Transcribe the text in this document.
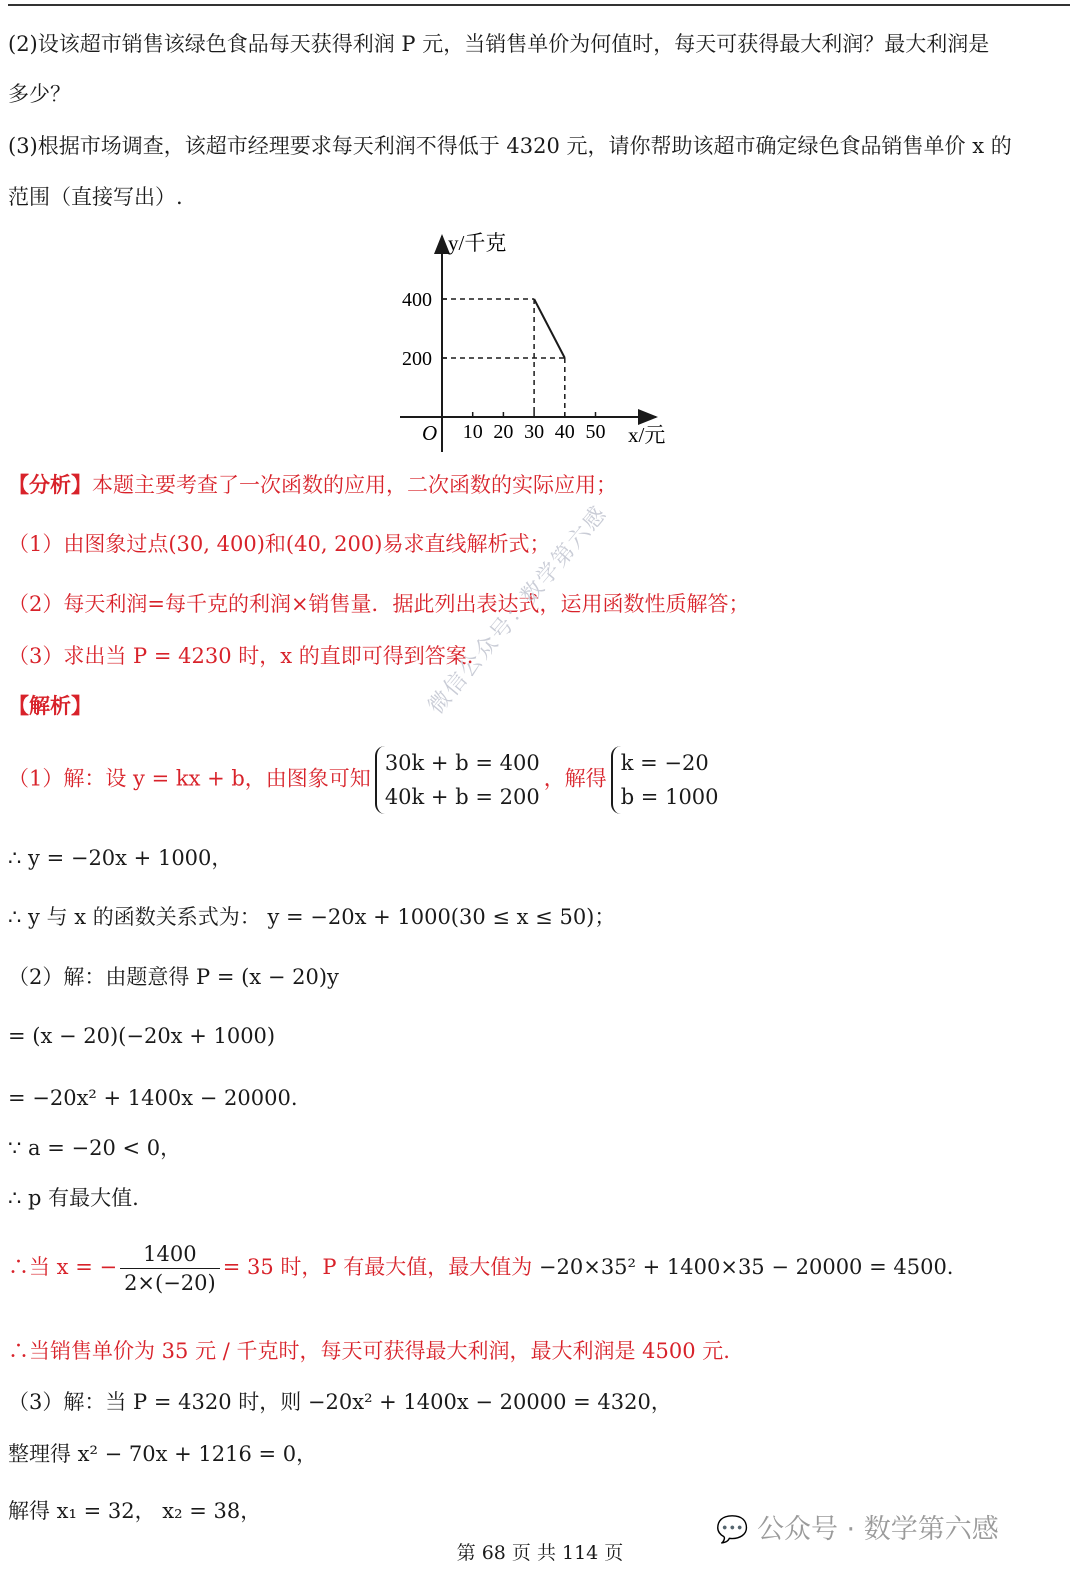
(2)设该超市销售该绿色食品每天获得利润 P 元，当销售单价为何值时，每天可获得最大利润？最大利润是
多少？
(3)根据市场调查，该超市经理要求每天利润不得低于 4320 元，请你帮助该超市确定绿色食品销售单价 x 的
范围（直接写出）.
y/千克
x/元
O
400
200
10 20 30 40 50
【分析】本题主要考查了一次函数的应用，二次函数的实际应用；
（1）由图象过点(30, 400)和(40, 200)易求直线解析式；
（2）每天利润=每千克的利润×销售量．据此列出表达式，运用函数性质解答；
（3）求出当 P = 4230 时，x 的直即可得到答案.
【解析】
（1）解：设 y = kx + b，由图象可知
30k + b = 400
40k + b = 200
，解得
k = −20
b = 1000
∴ y = −20x + 1000，
∴ y 与 x 的函数关系式为： y = −20x + 1000(30 ≤ x ≤ 50)；
（2）解：由题意得 P = (x − 20)y
= (x − 20)(−20x + 1000)
= −20x² + 1400x − 20000.
∵ a = −20 < 0，
∴ p 有最大值.
∴当 x = − $\frac{1400}{2\times(-20)} = 35$ 时，P 有最大值，最大值为 −20×35² + 1400×35 − 20000 = 4500.
∴当销售单价为 35 元 / 千克时，每天可获得最大利润，最大利润是 4500 元.
（3）解：当 P = 4320 时，则 −20x² + 1400x − 20000 = 4320，
整理得 x² − 70x + 1216 = 0，
解得 x₁ = 32， x₂ = 38，
微信公众号：数学第六感
💬 公众号 · 数学第六感
第 68 页 共 114 页
